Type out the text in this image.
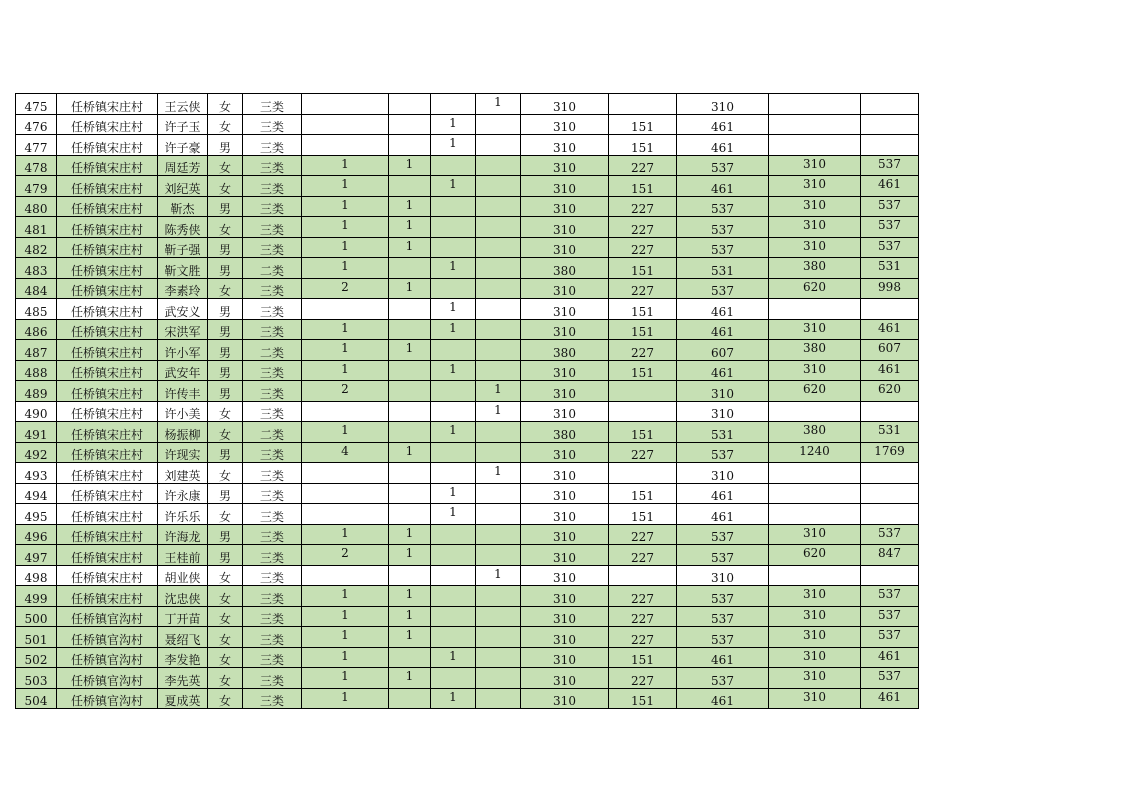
475	任桥镇宋庄村	王云侠	女	三类				1	310		310		
476	任桥镇宋庄村	许子玉	女	三类			1		310	151	461		
477	任桥镇宋庄村	许子豪	男	三类			1		310	151	461		
478	任桥镇宋庄村	周廷芳	女	三类	1	1			310	227	537	310	537
479	任桥镇宋庄村	刘纪英	女	三类	1		1		310	151	461	310	461
480	任桥镇宋庄村	靳杰	男	三类	1	1			310	227	537	310	537
481	任桥镇宋庄村	陈秀侠	女	三类	1	1			310	227	537	310	537
482	任桥镇宋庄村	靳子强	男	三类	1	1			310	227	537	310	537
483	任桥镇宋庄村	靳文胜	男	二类	1		1		380	151	531	380	531
484	任桥镇宋庄村	李素玲	女	三类	2	1			310	227	537	620	998
485	任桥镇宋庄村	武安义	男	三类			1		310	151	461		
486	任桥镇宋庄村	宋洪军	男	三类	1		1		310	151	461	310	461
487	任桥镇宋庄村	许小军	男	二类	1	1			380	227	607	380	607
488	任桥镇宋庄村	武安年	男	三类	1		1		310	151	461	310	461
489	任桥镇宋庄村	许传丰	男	三类	2			1	310		310	620	620
490	任桥镇宋庄村	许小美	女	三类				1	310		310		
491	任桥镇宋庄村	杨振柳	女	二类	1		1		380	151	531	380	531
492	任桥镇宋庄村	许现实	男	三类	4	1			310	227	537	1240	1769
493	任桥镇宋庄村	刘建英	女	三类				1	310		310		
494	任桥镇宋庄村	许永康	男	三类			1		310	151	461		
495	任桥镇宋庄村	许乐乐	女	三类			1		310	151	461		
496	任桥镇宋庄村	许海龙	男	三类	1	1			310	227	537	310	537
497	任桥镇宋庄村	王桂前	男	三类	2	1			310	227	537	620	847
498	任桥镇宋庄村	胡业侠	女	三类				1	310		310		
499	任桥镇宋庄村	沈忠侠	女	三类	1	1			310	227	537	310	537
500	任桥镇官沟村	丁开苗	女	三类	1	1			310	227	537	310	537
501	任桥镇官沟村	聂绍飞	女	三类	1	1			310	227	537	310	537
502	任桥镇官沟村	李发艳	女	三类	1		1		310	151	461	310	461
503	任桥镇官沟村	李先英	女	三类	1	1			310	227	537	310	537
504	任桥镇官沟村	夏成英	女	三类	1		1		310	151	461	310	461
